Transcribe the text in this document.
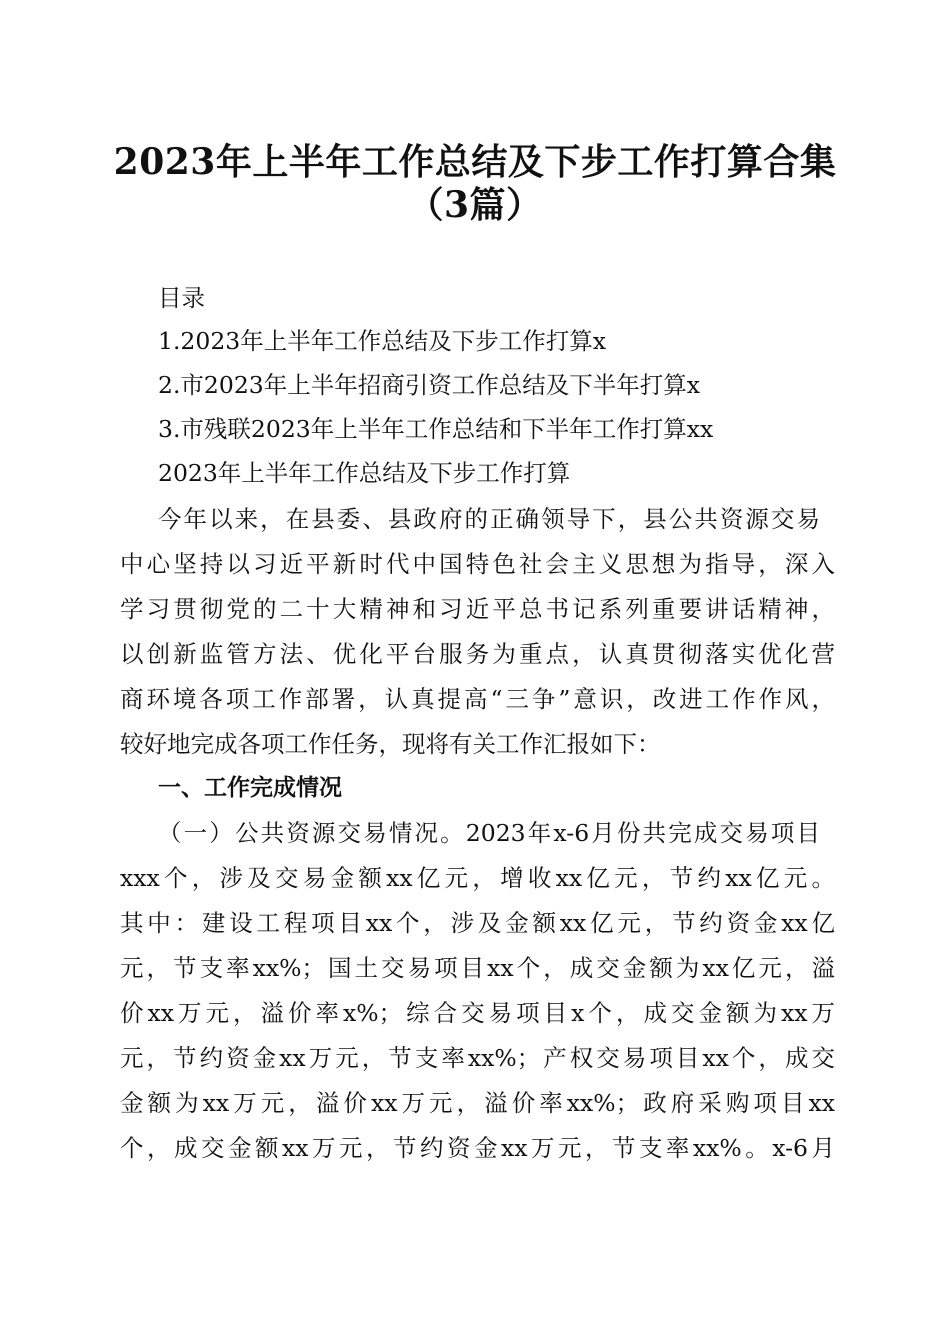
2023年上半年工作总结及下步工作打算合集
（3篇）

目录

1.2023年上半年工作总结及下步工作打算x

2.市2023年上半年招商引资工作总结及下半年打算x

3.市残联2023年上半年工作总结和下半年工作打算xx

2023年上半年工作总结及下步工作打算

今年以来，在县委、县政府的正确领导下，县公共资源交易

中心坚持以习近平新时代中国特色社会主义思想为指导，深入

学习贯彻党的二十大精神和习近平总书记系列重要讲话精神，

以创新监管方法、优化平台服务为重点，认真贯彻落实优化营

商环境各项工作部署，认真提高“三争”意识，改进工作作风，

较好地完成各项工作任务，现将有关工作汇报如下：

一、工作完成情况

（一）公共资源交易情况。2023年x-6月份共完成交易项目

xxx个，涉及交易金额xx亿元，增收xx亿元，节约xx亿元。

其中：建设工程项目xx个，涉及金额xx亿元，节约资金xx亿

元，节支率xx%；国土交易项目xx个，成交金额为xx亿元，溢

价xx万元，溢价率x%；综合交易项目x个，成交金额为xx万

元，节约资金xx万元，节支率xx%；产权交易项目xx个，成交

金额为xx万元，溢价xx万元，溢价率xx%；政府采购项目xx

个，成交金额xx万元，节约资金xx万元，节支率xx%。x-6月
